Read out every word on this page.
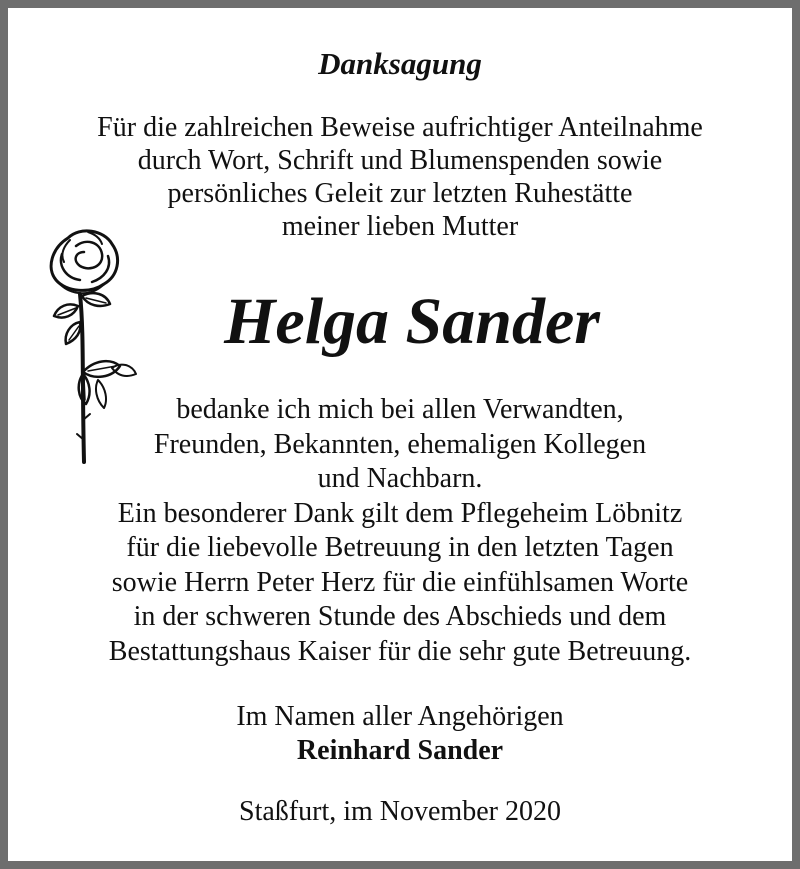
Danksagung
Für die zahlreichen Beweise aufrichtiger Anteilnahme
durch Wort, Schrift und Blumenspenden sowie
persönliches Geleit zur letzten Ruhestätte
meiner lieben Mutter
Helga Sander
bedanke ich mich bei allen Verwandten,
Freunden, Bekannten, ehemaligen Kollegen
und Nachbarn.
Ein besonderer Dank gilt dem Pflegeheim Löbnitz
für die liebevolle Betreuung in den letzten Tagen
sowie Herrn Peter Herz für die einfühlsamen Worte
in der schweren Stunde des Abschieds und dem
Bestattungshaus Kaiser für die sehr gute Betreuung.
Im Namen aller Angehörigen
Reinhard Sander
Staßfurt, im November 2020
